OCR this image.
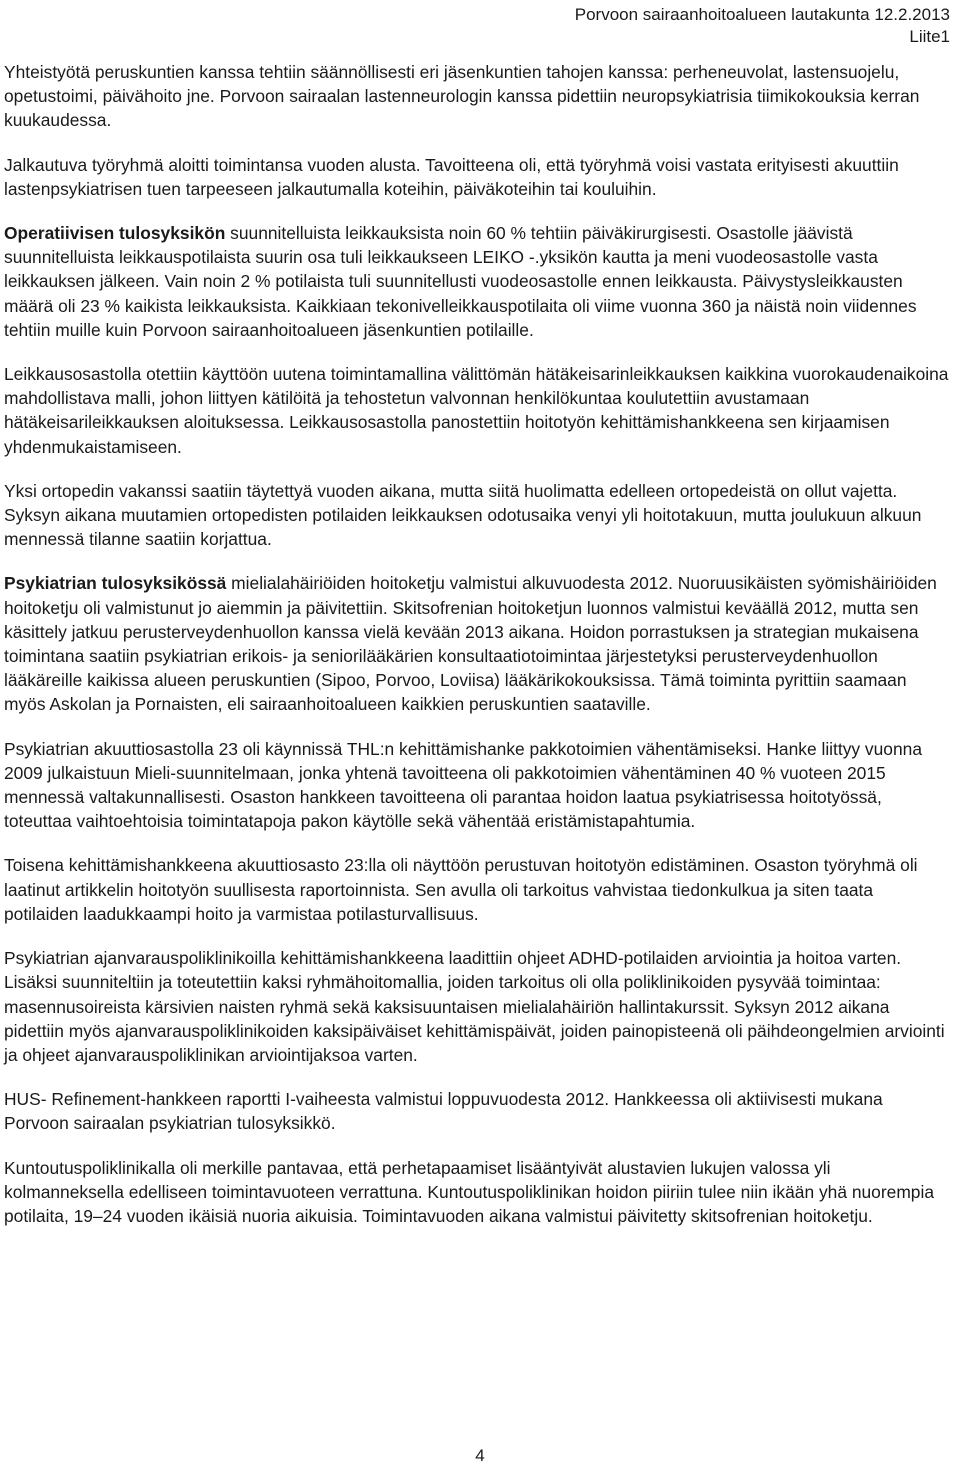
Porvoon sairaanhoitoalueen lautakunta 12.2.2013
Liite1

Yhteistyötä peruskuntien kanssa tehtiin säännöllisesti eri jäsenkuntien tahojen kanssa: perheneuvolat, lastensuojelu, opetustoimi, päivähoito jne. Porvoon sairaalan lastenneurologin kanssa pidettiin neuropsykiatrisia tiimikokouksia kerran kuukaudessa.

Jalkautuva työryhmä aloitti toimintansa vuoden alusta. Tavoitteena oli, että työryhmä voisi vastata erityisesti akuuttiin lastenpsykiatrisen tuen tarpeeseen jalkautumalla koteihin, päiväkoteihin tai kouluihin.

Operatiivisen tulosyksikön suunnitelluista leikkauksista noin 60 % tehtiin päiväkirurgisesti. Osastolle jäävistä suunnitelluista leikkauspotilaista suurin osa tuli leikkaukseen LEIKO -.yksikön kautta ja meni vuodeosastolle vasta leikkauksen jälkeen. Vain noin 2 % potilaista tuli suunnitellusti vuodeosastolle ennen leikkausta. Päivystysleikkausten määrä oli 23 % kaikista leikkauksista. Kaikkiaan tekonivelleikkauspotilaita oli viime vuonna 360 ja näistä noin viidennes tehtiin muille kuin Porvoon sairaanhoitoalueen jäsenkuntien potilaille.

Leikkausosastolla otettiin käyttöön uutena toimintamallina välittömän hätäkeisarinleikkauksen kaikkina vuorokaudenaikoina mahdollistava malli, johon liittyen kätilöitä ja tehostetun valvonnan henkilökuntaa koulutettiin avustamaan hätäkeisarileikkauksen aloituksessa. Leikkausosastolla panostettiin hoitotyön kehittämishankkeena sen kirjaamisen yhdenmukaistamiseen.

Yksi ortopedin vakanssi saatiin täytettyä vuoden aikana, mutta siitä huolimatta edelleen ortopedeistä on ollut vajetta. Syksyn aikana muutamien ortopedisten potilaiden leikkauksen odotusaika venyi yli hoitotakuun, mutta joulukuun alkuun mennessä tilanne saatiin korjattua.

Psykiatrian tulosyksikössä mielialahäiriöiden hoitoketju valmistui alkuvuodesta 2012. Nuoruusikäisten syömishäiriöiden hoitoketju oli valmistunut jo aiemmin ja päivitettiin. Skitsofrenian hoitoketjun luonnos valmistui keväällä 2012, mutta sen käsittely jatkuu perusterveydenhuollon kanssa vielä kevään 2013 aikana. Hoidon porrastuksen ja strategian mukaisena toimintana saatiin psykiatrian erikois- ja seniorilääkärien konsultaatiotoimintaa järjestetyksi perusterveydenhuollon lääkäreille kaikissa alueen peruskuntien (Sipoo, Porvoo, Loviisa) lääkärikokouksissa. Tämä toiminta pyrittiin saamaan myös Askolan ja Pornaisten, eli sairaanhoitoalueen kaikkien peruskuntien saataville.

Psykiatrian akuuttiosastolla 23 oli käynnissä THL:n kehittämishanke pakkotoimien vähentämiseksi. Hanke liittyy vuonna 2009 julkaistuun Mieli-suunnitelmaan, jonka yhtenä tavoitteena oli pakkotoimien vähentäminen 40 % vuoteen 2015 mennessä valtakunnallisesti. Osaston hankkeen tavoitteena oli parantaa hoidon laatua psykiatrisessa hoitotyössä, toteuttaa vaihtoehtoisia toimintatapoja pakon käytölle sekä vähentää eristämistapahtumia.

Toisena kehittämishankkeena akuuttiosasto 23:lla oli näyttöön perustuvan hoitotyön edistäminen. Osaston työryhmä oli laatinut artikkelin hoitotyön suullisesta raportoinnista. Sen avulla oli tarkoitus vahvistaa tiedonkulkua ja siten taata potilaiden laadukkaampi hoito ja varmistaa potilasturvallisuus.

Psykiatrian ajanvarauspoliklinikoilla kehittämishankkeena laadittiin ohjeet ADHD-potilaiden arviointia ja hoitoa varten. Lisäksi suunniteltiin ja toteutettiin kaksi ryhmähoitomallia, joiden tarkoitus oli olla poliklinikoiden pysyvää toimintaa: masennusoireista kärsivien naisten ryhmä sekä kaksisuuntaisen mielialahäiriön hallintakurssit. Syksyn 2012 aikana pidettiin myös ajanvarauspoliklinikoiden kaksipäiväiset kehittämispäivät, joiden painopisteenä oli päihdeongelmien arviointi ja ohjeet ajanvarauspoliklinikan arviointijaksoa varten.

HUS- Refinement-hankkeen raportti I-vaiheesta valmistui loppuvuodesta 2012. Hankkeessa oli aktiivisesti mukana Porvoon sairaalan psykiatrian tulosyksikkö.

Kuntoutuspoliklinikalla oli merkille pantavaa, että perhetapaamiset lisääntyivät alustavien lukujen valossa yli kolmanneksella edelliseen toimintavuoteen verrattuna. Kuntoutuspoliklinikan hoidon piiriin tulee niin ikään yhä nuorempia potilaita, 19–24 vuoden ikäisiä nuoria aikuisia. Toimintavuoden aikana valmistui päivitetty skitsofrenian hoitoketju.

4
